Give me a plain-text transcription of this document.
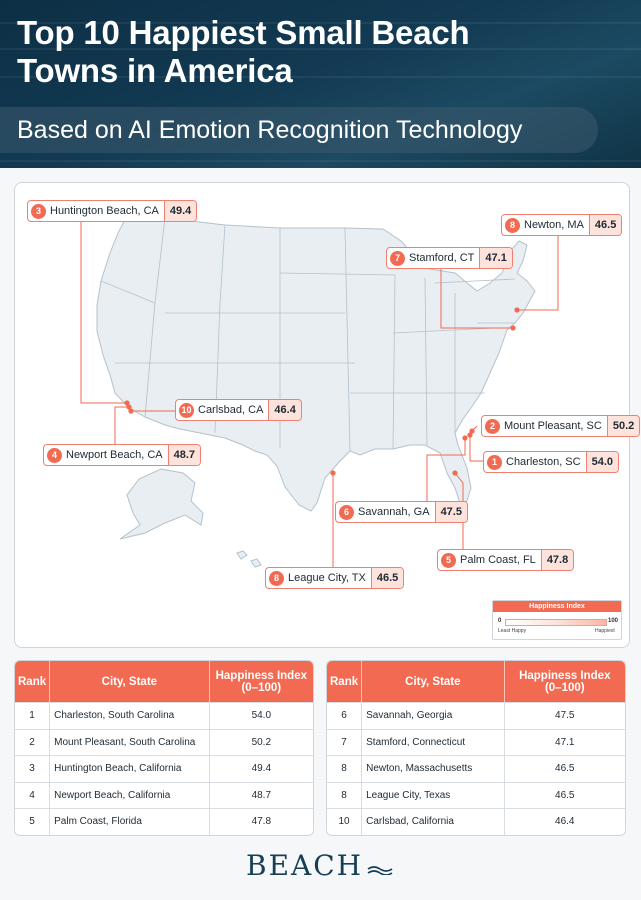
Top 10 Happiest Small Beach
Towns in America

Based on AI Emotion Recognition Technology

3 Huntington Beach, CA	49.4
8 Newton, MA	46.5
7 Stamford, CT	47.1
10 Carlsbad, CA	46.4
2 Mount Pleasant, SC	50.2
4 Newport Beach, CA	48.7
1 Charleston, SC	54.0
6 Savannah, GA	47.5
5 Palm Coast, FL	47.8
8 League City, TX	46.5
Happiness Index
0	100
Least Happy	Happiest
Rank	City, State	Happiness Index
(0–100)
1	Charleston, South Carolina	54.0
2	Mount Pleasant, South Carolina	50.2
3	Huntington Beach, California	49.4
4	Newport Beach, California	48.7
5	Palm Coast, Florida	47.8
Rank	City, State	Happiness Index
(0–100)
6	Savannah, Georgia	47.5
7	Stamford, Connecticut	47.1
8	Newton, Massachusetts	46.5
8	League City, Texas	46.5
10	Carlsbad, California	46.4
BEACH
